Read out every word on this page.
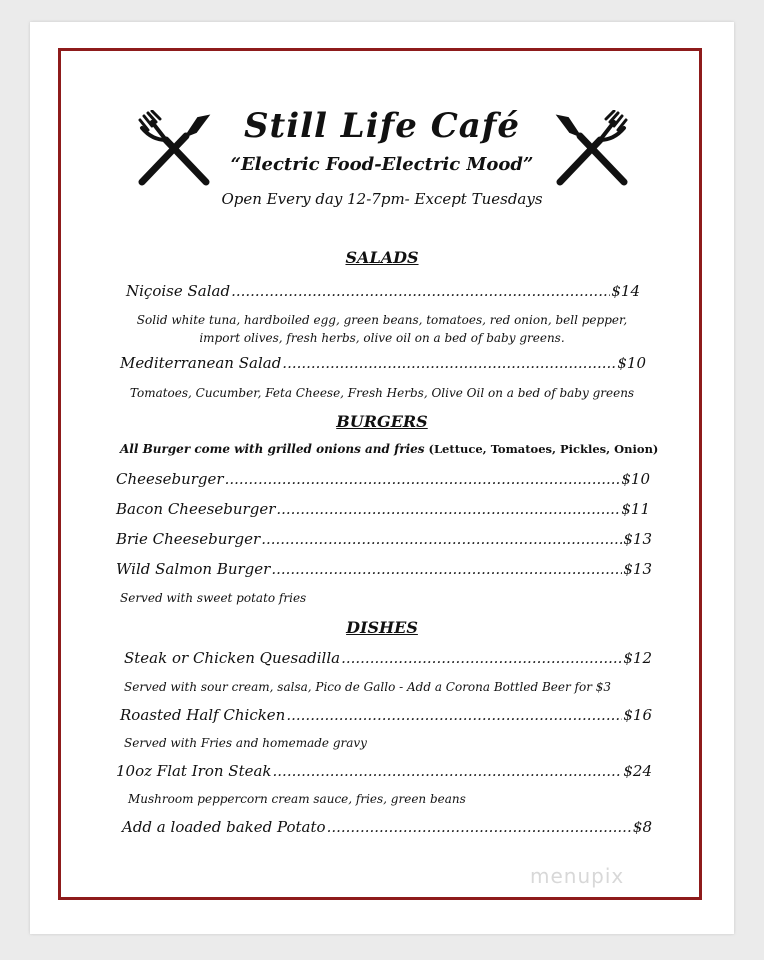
Still Life Café
“Electric Food-Electric Mood”
Open Every day 12-7pm- Except Tuesdays
SALADS
Niçoise Salad .....	$14
Solid white tuna, hardboiled egg, green beans, tomatoes, red onion, bell pepper,
import olives, fresh herbs, olive oil on a bed of baby greens.
Mediterranean Salad .....	$10
Tomatoes, Cucumber, Feta Cheese, Fresh Herbs, Olive Oil on a bed of baby greens
BURGERS
All Burger come with grilled onions and fries (Lettuce, Tomatoes, Pickles, Onion)
Cheeseburger .....	$10
Bacon Cheeseburger .....	$11
Brie Cheeseburger .....	$13
Wild Salmon Burger .....	$13
Served with sweet potato fries
DISHES
Steak or Chicken Quesadilla .....	$12
Served with sour cream, salsa, Pico de Gallo - Add a Corona Bottled Beer for $3
Roasted Half Chicken .....	$16
Served with Fries and homemade gravy
10oz Flat Iron Steak .....	$24
Mushroom peppercorn cream sauce, fries, green beans
Add a loaded baked Potato .....	$8
menupix
